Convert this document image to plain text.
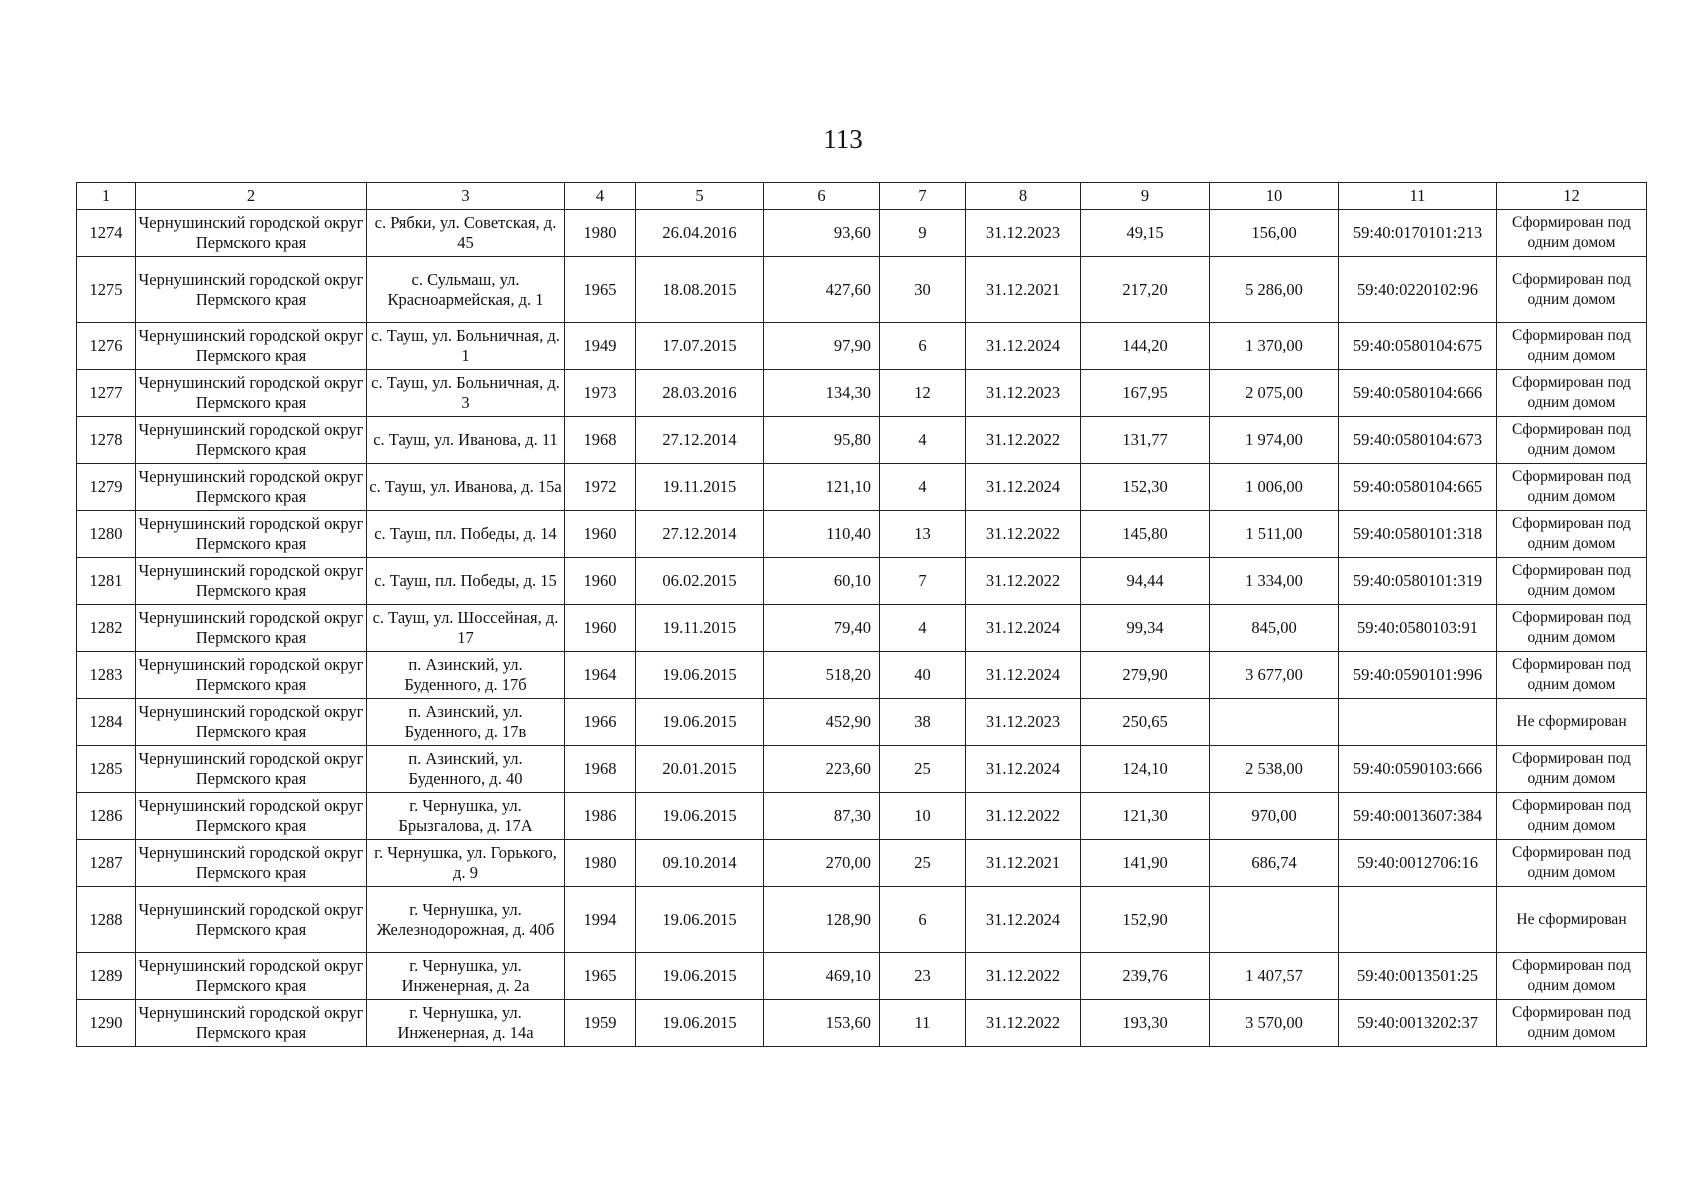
113
1	2	3	4	5	6	7	8	9	10	11	12
1274	Чернушинский городской округ Пермского края	с. Рябки, ул. Советская, д. 45	1980	26.04.2016	93,60	9	31.12.2023	49,15	156,00	59:40:0170101:213	Сформирован под одним домом
1275	Чернушинский городской округ Пермского края	с. Сульмаш, ул. Красноармейская, д. 1	1965	18.08.2015	427,60	30	31.12.2021	217,20	5 286,00	59:40:0220102:96	Сформирован под одним домом
1276	Чернушинский городской округ Пермского края	с. Тауш, ул. Больничная, д. 1	1949	17.07.2015	97,90	6	31.12.2024	144,20	1 370,00	59:40:0580104:675	Сформирован под одним домом
1277	Чернушинский городской округ Пермского края	с. Тауш, ул. Больничная, д. 3	1973	28.03.2016	134,30	12	31.12.2023	167,95	2 075,00	59:40:0580104:666	Сформирован под одним домом
1278	Чернушинский городской округ Пермского края	с. Тауш, ул. Иванова, д. 11	1968	27.12.2014	95,80	4	31.12.2022	131,77	1 974,00	59:40:0580104:673	Сформирован под одним домом
1279	Чернушинский городской округ Пермского края	с. Тауш, ул. Иванова, д. 15а	1972	19.11.2015	121,10	4	31.12.2024	152,30	1 006,00	59:40:0580104:665	Сформирован под одним домом
1280	Чернушинский городской округ Пермского края	с. Тауш, пл. Победы, д. 14	1960	27.12.2014	110,40	13	31.12.2022	145,80	1 511,00	59:40:0580101:318	Сформирован под одним домом
1281	Чернушинский городской округ Пермского края	с. Тауш, пл. Победы, д. 15	1960	06.02.2015	60,10	7	31.12.2022	94,44	1 334,00	59:40:0580101:319	Сформирован под одним домом
1282	Чернушинский городской округ Пермского края	с. Тауш, ул. Шоссейная, д. 17	1960	19.11.2015	79,40	4	31.12.2024	99,34	845,00	59:40:0580103:91	Сформирован под одним домом
1283	Чернушинский городской округ Пермского края	п. Азинский, ул. Буденного, д. 17б	1964	19.06.2015	518,20	40	31.12.2024	279,90	3 677,00	59:40:0590101:996	Сформирован под одним домом
1284	Чернушинский городской округ Пермского края	п. Азинский, ул. Буденного, д. 17в	1966	19.06.2015	452,90	38	31.12.2023	250,65			Не сформирован
1285	Чернушинский городской округ Пермского края	п. Азинский, ул. Буденного, д. 40	1968	20.01.2015	223,60	25	31.12.2024	124,10	2 538,00	59:40:0590103:666	Сформирован под одним домом
1286	Чернушинский городской округ Пермского края	г. Чернушка, ул. Брызгалова, д. 17А	1986	19.06.2015	87,30	10	31.12.2022	121,30	970,00	59:40:0013607:384	Сформирован под одним домом
1287	Чернушинский городской округ Пермского края	г. Чернушка, ул. Горького, д. 9	1980	09.10.2014	270,00	25	31.12.2021	141,90	686,74	59:40:0012706:16	Сформирован под одним домом
1288	Чернушинский городской округ Пермского края	г. Чернушка, ул. Железнодорожная, д. 40б	1994	19.06.2015	128,90	6	31.12.2024	152,90			Не сформирован
1289	Чернушинский городской округ Пермского края	г. Чернушка, ул. Инженерная, д. 2а	1965	19.06.2015	469,10	23	31.12.2022	239,76	1 407,57	59:40:0013501:25	Сформирован под одним домом
1290	Чернушинский городской округ Пермского края	г. Чернушка, ул. Инженерная, д. 14а	1959	19.06.2015	153,60	11	31.12.2022	193,30	3 570,00	59:40:0013202:37	Сформирован под одним домом
